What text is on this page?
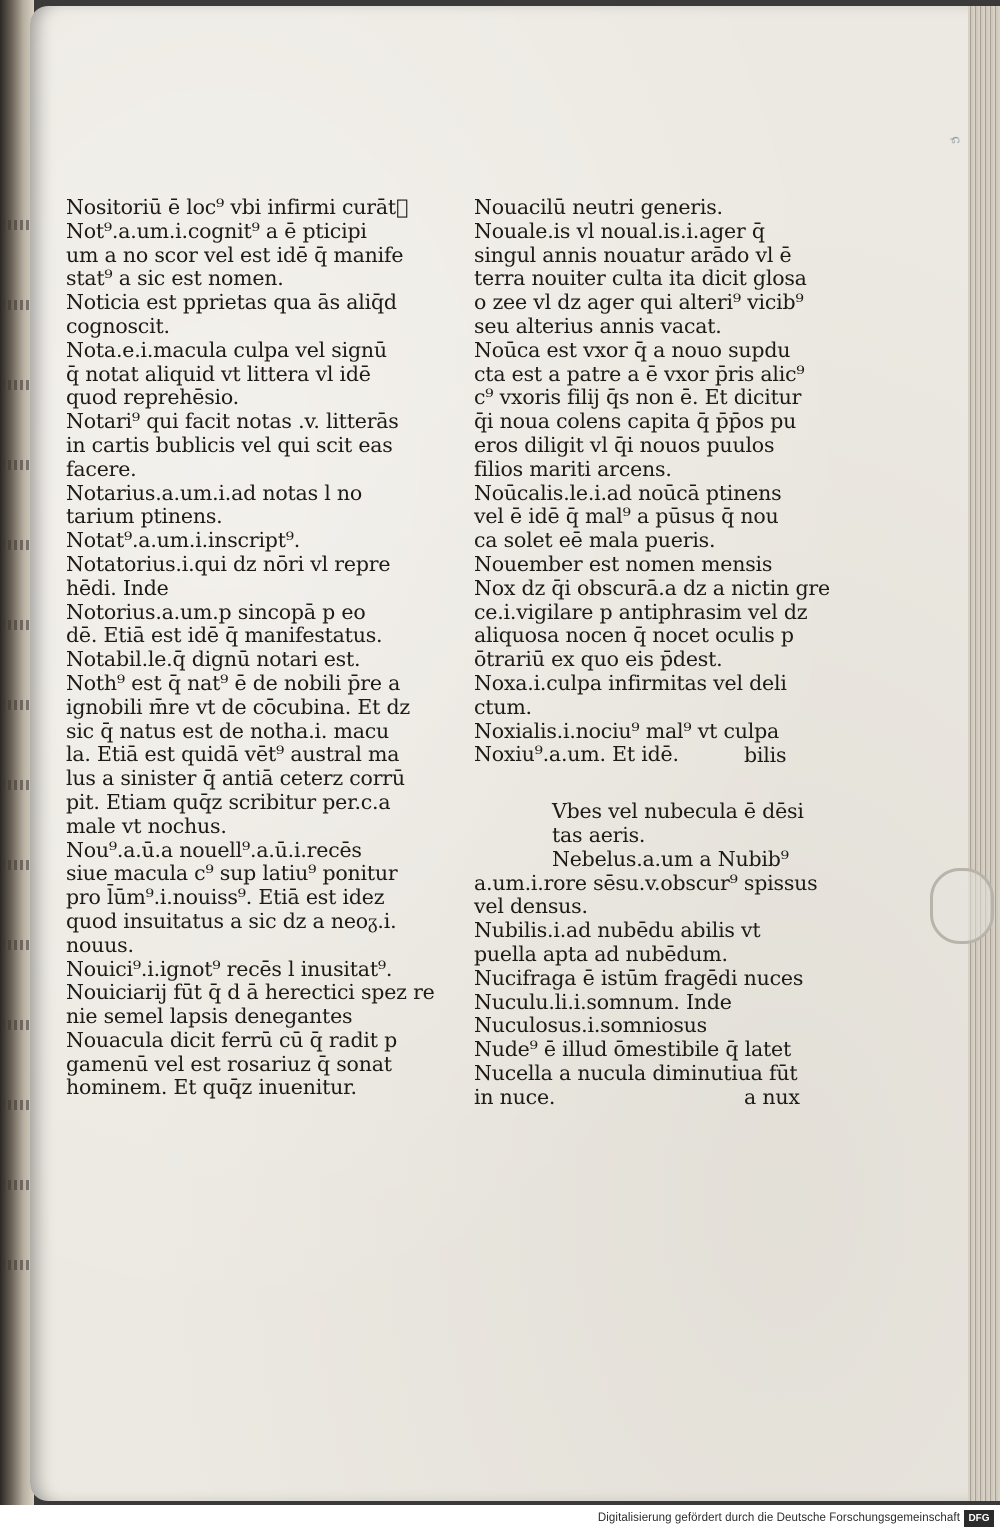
ɕ
Nositoriū ē loc⁹ vbi infirmi curātᷓ
Not⁹.a.um.i.cognit⁹ a ē pticipi
um a no scor vel est idē q̄ manife
stat⁹ a sic est nomen.
Noticia est pprietas qua ās aliq̄d
cognoscit.
Nota.e.i.macula culpa vel signū
q̄ notat aliquid vt littera vl idē
quod reprehēsio.
Notari⁹ qui facit notas .v. litterās
in cartis bublicis vel qui scit eas
facere.
Notarius.a.um.i.ad notas l no
tarium ptinens.
Notat⁹.a.um.i.inscript⁹.
Notatorius.i.qui dz nōri vl repre
hēdi. Inde
Notorius.a.um.p sincopā p eo
dē. Etiā est idē q̄ manifestatus.
Notabil.le.q̄ dignū notari est.
Noth⁹ est q̄ nat⁹ ē de nobili p̄re a
ignobili m̄re vt de cōcubina. Et dz
sic q̄ natus est de notha.i. macu
la. Etiā est quidā vēt⁹ austral ma
lus a sinister q̄ antiā ceterz corrū
pit. Etiam quq̄z scribitur per.c.a
male vt nochus.
Nou⁹.a.ū.a nouell⁹.a.ū.i.recēs
siue macula c⁹ sup latiu⁹ ponitur
pro l̄ūm⁹.i.nouiss⁹. Etiā est idez
quod insuitatus a sic dz a neoᵹ.i.
nouus.
Nouici⁹.i.ignot⁹ recēs l inusitat⁹.
Nouiciarij fūt q̄ d ā herectici spez re
nie semel lapsis denegantes
Nouacula dicit ferrū cū q̄ radit p
gamenū vel est rosariuz q̄ sonat
hominem. Et quq̄z inuenitur.
Nouacilū neutri generis.
Nouale.is vl noual.is.i.ager q̄
singul annis nouatur arādo vl ē
terra nouiter culta ita dicit glosa
o zee vl dz ager qui alteri⁹ vicib⁹
seu alterius annis vacat.
Noūca est vxor q̄ a nouo supdu
cta est a patre a ē vxor p̄ris alic⁹
c⁹ vxoris filij q̄s non ē. Et dicitur
q̄i noua colens capita q̄ p̄p̄os pu
eros diligit vl q̄i nouos puulos
filios mariti arcens.
Noūcalis.le.i.ad noūcā ptinens
vel ē idē q̄ mal⁹ a pūsus q̄ nou
ca solet eē mala pueris.
Nouember est nomen mensis
Nox dz q̄i obscurā.a dz a nictin gre
ce.i.vigilare p antiphrasim vel dz
aliquosa nocen q̄ nocet oculis p
ōtrariū ex quo eis p̄dest.
Noxa.i.culpa infirmitas vel deli
ctum.
Noxialis.i.nociu⁹ mal⁹ vt culpa
Noxiu⁹.a.um. Et idē.	bilis
Vbes vel nubecula ē dēsi
tas aeris.
Nebelus.a.um a Nubib⁹
a.um.i.rore sēsu.v.obscur⁹ spissus
vel densus.
Nubilis.i.ad nubēdu abilis vt
puella apta ad nubēdum.
Nucifraga ē istūm fragēdi nuces
Nuculu.li.i.somnum. Inde
Nuculosus.i.somniosus
Nude⁹ ē illud ōmestibile q̄ latet
Nucella a nucula diminutiua fūt
in nuce.	a nux
Digitalisierung gefördert durch die Deutsche Forschungsgemeinschaft DFG
